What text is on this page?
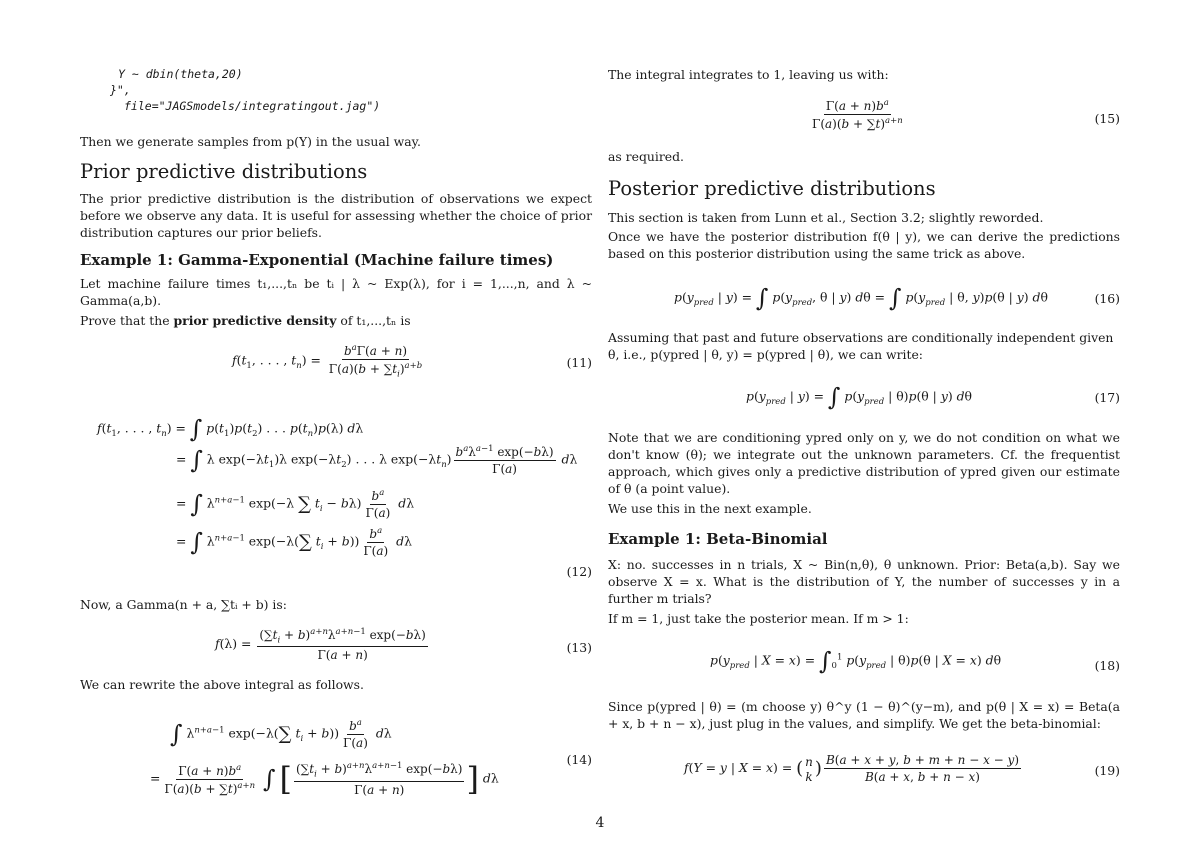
Y ~ dbin(theta,20)
}",
file="JAGSmodels/integratingout.jag")
Then we generate samples from p(Y) in the usual way.
Prior predictive distributions
The prior predictive distribution is the distribution of observations we expect before we observe any data. It is useful for assessing whether the choice of prior distribution captures our prior beliefs.
Example 1: Gamma-Exponential (Machine failure times)
Let machine failure times t₁,...,tₙ be tᵢ | λ ~ Exp(λ), for i = 1,...,n, and λ ~ Gamma(a,b).
Prove that the prior predictive density of t₁,...,tₙ is
$f(t_1$, . . . , $t_n) = \frac{b^a\Gamma(a + n)}{\Gamma(a)(b + \sum t_i)^{a+b}}$	(11)
$f(t_1$, . . . , $t_n$) = ∫ $p(t_1)p(t_2)$ . . . $p(t_n)p(\lambda)$ dλ
= ∫ λ $\exp(-\lambda t_1)\lambda$ $\exp(-\lambda t_2)$ . . . λ $\exp(-\lambda t_n) \frac{b^a\lambda^{a-1} \exp(-b\lambda)}{\Gamma(a)}$ dλ
= ∫ $\lambda^{n+a-1}$ exp(−λ ∑ $t_i - b\lambda) \frac{b^a}{\Gamma(a)}$ dλ
= ∫ $\lambda^{n+a-1}$ exp(−λ(∑ $t_i + b)) \frac{b^a}{\Gamma(a)}$ dλ
(12)
Now, a Gamma(n + a, ∑tᵢ + b) is:
$f(\lambda) = \frac{(\sum t_i + b)^{a+n}\lambda^{a+n-1} \exp(-b\lambda)}{\Gamma(a + n)}$	(13)
We can rewrite the above integral as follows.
∫ $\lambda^{n+a-1}$ exp(−λ(∑ $t_i + b)) \frac{b^a}{\Gamma(a)}$ dλ
= $\frac{\Gamma(a + n)b^a}{\Gamma(a)(b + \sum t)^{a+n}}$ ∫ [ $\frac{(\sum t_i + b)^{a+n}\lambda^{a+n-1} \exp(-b\lambda)}{\Gamma(a + n)}$ ] dλ
(14)
The integral integrates to 1, leaving us with:
$\frac{\Gamma(a + n)b^a}{\Gamma(a)(b + \sum t)^{a+n}}$	(15)
as required.
Posterior predictive distributions
This section is taken from Lunn et al., Section 3.2; slightly reworded.
Once we have the posterior distribution f(θ | y), we can derive the predictions based on this posterior distribution using the same trick as above.
$p(y_{pred}$ | y) = ∫ $p(y_{pred}$, θ | y) dθ = ∫ $p(y_{pred}$ | θ, y)p(θ | y) dθ	(16)
Assuming that past and future observations are conditionally independent given θ, i.e., p(ypred | θ, y) = p(ypred | θ), we can write:
$p(y_{pred}$ | y) = ∫ $p(y_{pred}$ | θ)p(θ | y) dθ	(17)
Note that we are conditioning ypred only on y, we do not condition on what we don't know (θ); we integrate out the unknown parameters. Cf. the frequentist approach, which gives only a predictive distribution of ypred given our estimate of θ (a point value).
We use this in the next example.
Example 1: Beta-Binomial
X: no. successes in n trials, X ~ Bin(n,θ), θ unknown. Prior: Beta(a,b). Say we observe X = x. What is the distribution of Y, the number of successes y in a further m trials?
If m = 1, just take the posterior mean. If m > 1:
$p(y_{pred}$ | $X = x) = \int_0^1$ $p(y_{pred}$ | θ)p(θ | X = x) dθ	(18)
Since p(ypred | θ) = (m choose y) θ^y (1 − θ)^(y−m), and p(θ | X = x) = Beta(a + x, b + n − x), just plug in the values, and simplify. We get the beta-binomial:
f(Y = y | X = x) = ( n
k ) $\frac{B(a + x + y, b + m + n - x - y)}{B(a + x, b + n - x)}$	(19)
4
